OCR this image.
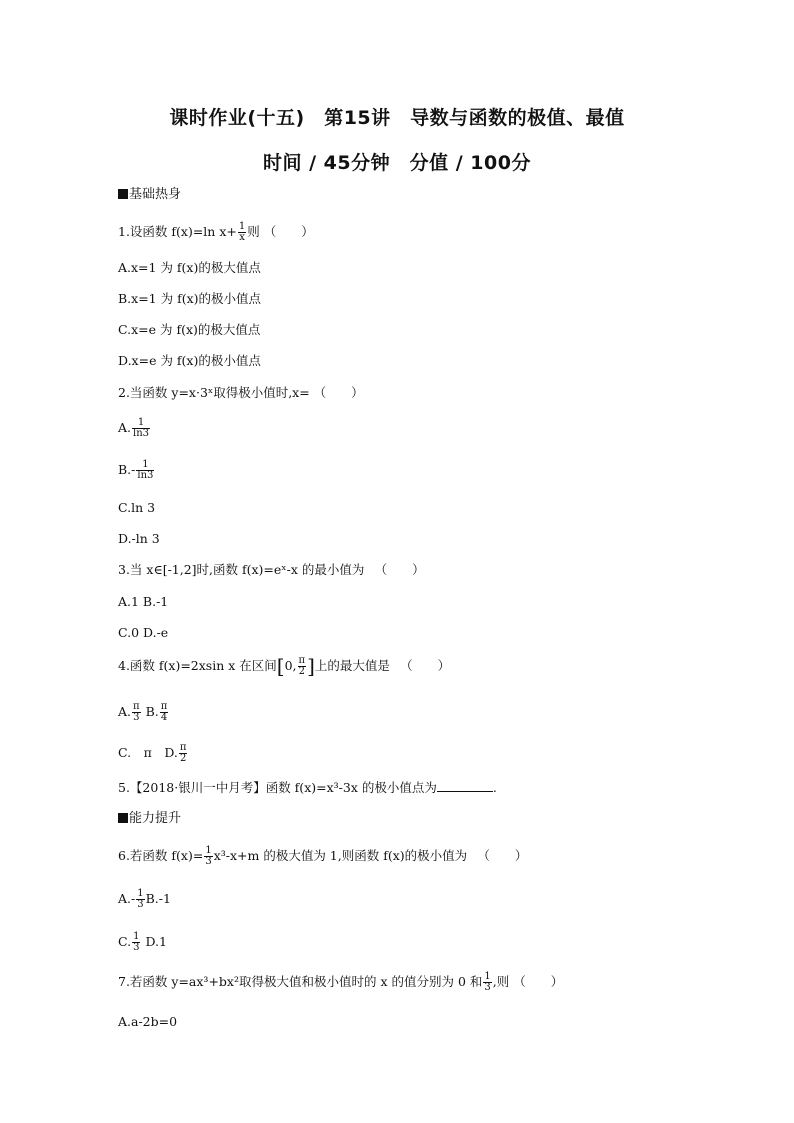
课时作业(十五)　第15讲　导数与函数的极值、最值
时间 / 45分钟　分值 / 100分
基础热身
1.设函数 f(x)=ln $x+ \frac{1}{x}$ 则 （　　）
A.x=1 为 f(x)的极大值点
B.x=1 为 f(x)的极小值点
C.x=e 为 f(x)的极大值点
D.x=e 为 f(x)的极小值点
2.当函数 y=x·3ˣ取得极小值时,x= （　　）
A. $\frac{1}{\ln 3}$
$B.- \frac{1}{\ln 3}$
C.ln 3
D.-ln 3
3.当 x∈[-1,2]时,函数 f(x)=eˣ-x 的最小值为 　（　　）
A.1 B.-1
C.0 D.-e
4.函数 f(x)=2xsin x 在区间[0, $\frac{\pi}{2}$ ]上的最大值是 　（　　）
A. $\frac{\pi}{3} B$. $\frac{\pi}{4}$
C.　π　D. $\frac{\pi}{2}$
5.【2018·银川一中月考】函数 f(x)=x³-3x 的极小值点为	.
能力提升
6.若函数 $f(x)= \frac{1}{3} x^3-x+m$ 的极大值为 1,则函数 f(x)的极小值为 　（　　）
$A.- \frac{1}{3} B.-1$
C. $\frac{1}{3} D.1$
7.若函数 y=ax³+bx²取得极大值和极小值时的 x 的值分别为 0 和 $\frac{1}{3}$ ,则 （　　）
A.a-2b=0
